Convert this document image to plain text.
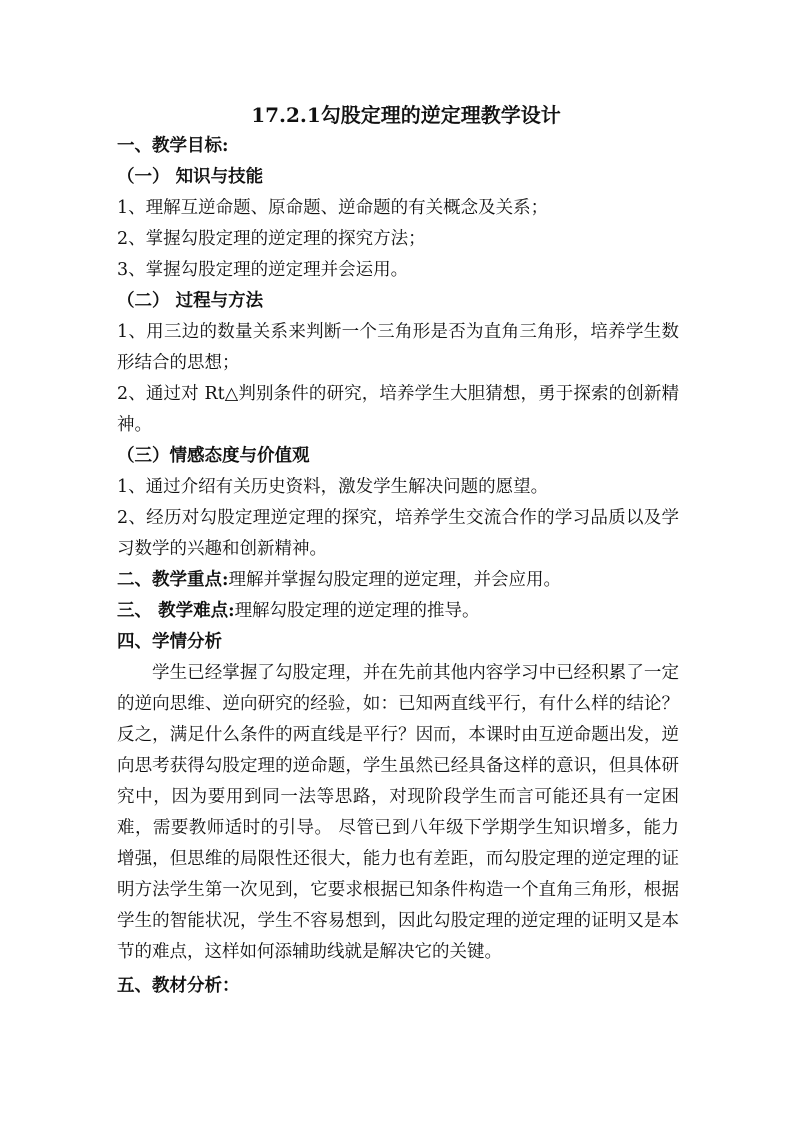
17.2.1勾股定理的逆定理教学设计
一、教学目标:
（一） 知识与技能
1、理解互逆命题、原命题、逆命题的有关概念及关系；
2、掌握勾股定理的逆定理的探究方法；
3、掌握勾股定理的逆定理并会运用。
（二） 过程与方法

1、用三边的数量关系来判断一个三角形是否为直角三角形，培养学生数形结合的思想；

2、通过对 Rt△判别条件的研究，培养学生大胆猜想，勇于探索的创新精神。

（三）情感态度与价值观

1、通过介绍有关历史资料，激发学生解决问题的愿望。

2、经历对勾股定理逆定理的探究，培养学生交流合作的学习品质以及学习数学的兴趣和创新精神。

二、教学重点:理解并掌握勾股定理的逆定理，并会应用。
三、 教学难点:理解勾股定理的逆定理的推导。
四、学情分析

学生已经掌握了勾股定理，并在先前其他内容学习中已经积累了一定的逆向思维、逆向研究的经验，如：已知两直线平行，有什么样的结论？反之，满足什么条件的两直线是平行？因而，本课时由互逆命题出发，逆向思考获得勾股定理的逆命题，学生虽然已经具备这样的意识，但具体研究中，因为要用到同一法等思路，对现阶段学生而言可能还具有一定困难，需要教师适时的引导。 尽管已到八年级下学期学生知识增多，能力增强，但思维的局限性还很大，能力也有差距，而勾股定理的逆定理的证明方法学生第一次见到，它要求根据已知条件构造一个直角三角形，根据学生的智能状况，学生不容易想到，因此勾股定理的逆定理的证明又是本节的难点，这样如何添辅助线就是解决它的关键。

五、教材分析：
